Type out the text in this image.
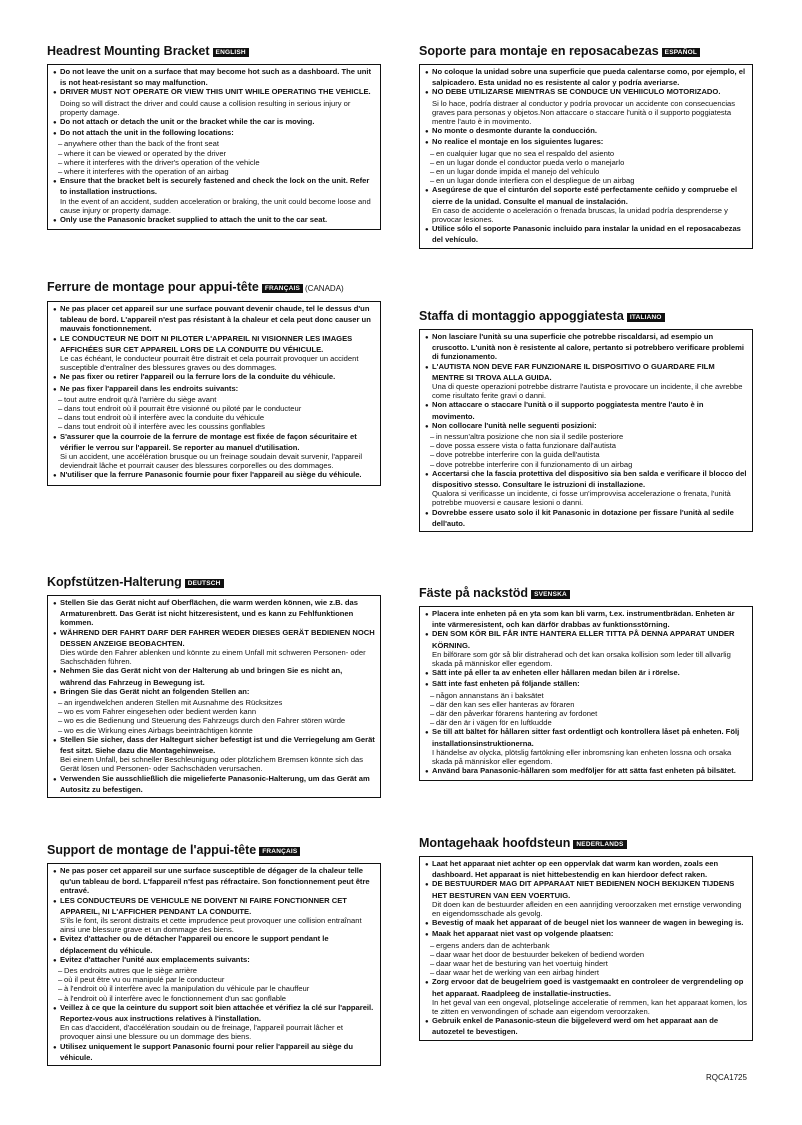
Headrest Mounting Bracket ENGLISH

● Do not leave the unit on a surface that may become hot such as a dashboard. The unit is not heat-resistant so may malfunction.

● DRIVER MUST NOT OPERATE OR VIEW THIS UNIT WHILE OPERATING THE VEHICLE.

Doing so will distract the driver and could cause a collision resulting in serious injury or property damage.

● Do not attach or detach the unit or the bracket while the car is moving.

● Do not attach the unit in the following locations:

– anywhere other than the back of the front seat

– where it can be viewed or operated by the driver

– where it interferes with the driver's operation of the vehicle

– where it interferes with the operation of an airbag

● Ensure that the bracket belt is securely fastened and check the lock on the unit. Refer to installation instructions.

In the event of an accident, sudden acceleration or braking, the unit could become loose and cause injury or property damage.

● Only use the Panasonic bracket supplied to attach the unit to the car seat.

Ferrure de montage pour appui-tête FRANÇAIS (CANADA)

● Ne pas placer cet appareil sur une surface pouvant devenir chaude, tel le dessus d'un tableau de bord. L'appareil n'est pas résistant à la chaleur et cela peut donc causer un mauvais fonctionnement.

● LE CONDUCTEUR NE DOIT NI PILOTER L'APPAREIL NI VISIONNER LES IMAGES AFFICHÉES SUR CET APPAREIL LORS DE LA CONDUITE DU VÉHICULE.

Le cas échéant, le conducteur pourrait être distrait et cela pourrait provoquer un accident susceptible d'entraîner des blessures graves ou des dommages.

● Ne pas fixer ou retirer l'appareil ou la ferrure lors de la conduite du véhicule.

● Ne pas fixer l'appareil dans les endroits suivants:

– tout autre endroit qu'à l'arrière du siège avant

– dans tout endroit où il pourrait être visionné ou piloté par le conducteur

– dans tout endroit où il interfère avec la conduite du véhicule

– dans tout endroit où il interfère avec les coussins gonflables

● S'assurer que la courroie de la ferrure de montage est fixée de façon sécuritaire et vérifier le verrou sur l'appareil. Se reporter au manuel d'utilisation.

Si un accident, une accélération brusque ou un freinage soudain devait survenir, l'appareil deviendrait lâche et pourrait causer des blessures corporelles ou des dommages.

● N'utiliser que la ferrure Panasonic fournie pour fixer l'appareil au siège du véhicule.

Kopfstützen-Halterung DEUTSCH

● Stellen Sie das Gerät nicht auf Oberflächen, die warm werden können, wie z.B. das Armaturenbrett. Das Gerät ist nicht hitzeresistent, und es kann zu Fehlfunktionen kommen.

● WÄHREND DER FAHRT DARF DER FAHRER WEDER DIESES GERÄT BEDIENEN NOCH DESSEN ANZEIGE BEOBACHTEN.

Dies würde den Fahrer ablenken und könnte zu einem Unfall mit schweren Personen- oder Sachschäden führen.

● Nehmen Sie das Gerät nicht von der Halterung ab und bringen Sie es nicht an, während das Fahrzeug in Bewegung ist.

● Bringen Sie das Gerät nicht an folgenden Stellen an:

– an irgendwelchen anderen Stellen mit Ausnahme des Rücksitzes

– wo es vom Fahrer eingesehen oder bedient werden kann

– wo es die Bedienung und Steuerung des Fahrzeugs durch den Fahrer stören würde

– wo es die Wirkung eines Airbags beeinträchtigen könnte

● Stellen Sie sicher, dass der Haltegurt sicher befestigt ist und die Verriegelung am Gerät fest sitzt. Siehe dazu die Montagehinweise.

Bei einem Unfall, bei schneller Beschleunigung oder plötzlichem Bremsen könnte sich das Gerät lösen und Personen- oder Sachschäden verursachen.

● Verwenden Sie ausschließlich die migelieferte Panasonic-Halterung, um das Gerät am Autositz zu befestigen.

Support de montage de l'appui-tête FRANÇAIS

● Ne pas poser cet appareil sur une surface susceptible de dégager de la chaleur telle qu'un tableau de bord. L'fappareil n'fest pas réfractaire. Son fonctionnement peut être entravé.

● LES CONDUCTEURS DE VEHICULE NE DOIVENT NI FAIRE FONCTIONNER CET APPAREIL, NI L'AFFICHER PENDANT LA CONDUITE.

S'ils le font, ils seront distraits et cette imprudence peut provoquer une collision entraînant ainsi une blessure grave et un dommage des biens.

● Evitez d'attacher ou de détacher l'appareil ou encore le support pendant le déplacement du véhicule.

● Evitez d'attacher l'unité aux emplacements suivants:

– Des endroits autres que le siège arrière

– où il peut être vu ou manipulé par le conducteur

– à l'endroit où il interfère avec la manipulation du véhicule par le chauffeur

– à l'endroit où il interfère avec le fonctionnement d'un sac gonflable

● Veillez à ce que la ceinture du support soit bien attachée et vérifiez la clé sur l'appareil. Reportez-vous aux instructions relatives à l'installation.

En cas d'accident, d'accélération soudain ou de freinage, l'appareil pourrait lâcher et provoquer ainsi une blessure ou un dommage des biens.

● Utilisez uniquement le support Panasonic fourni pour relier l'appareil au siège du véhicule.

Soporte para montaje en reposacabezas ESPAÑOL

● No coloque la unidad sobre una superficie que pueda calentarse como, por ejemplo, el salpicadero. Esta unidad no es resistente al calor y podría averiarse.

● NO DEBE UTILIZARSE MIENTRAS SE CONDUCE UN VEHIICULO MOTORIZADO.

Si lo hace, podría distraer al conductor y podría provocar un accidente con consecuencias graves para personas y objetos.Non attaccare o staccare l'unità o il supporto poggiatesta mentre l'auto è in movimento.

● No monte o desmonte durante la conducción.

● No realice el montaje en los siguientes lugares:

– en cualquier lugar que no sea el respaldo del asiento

– en un lugar donde el conductor pueda verlo o manejarlo

– en un lugar donde impida el manejo del vehículo

– en un lugar donde interfiera con el despliegue de un airbag

● Asegúrese de que el cinturón del soporte esté perfectamente ceñido y compruebe el cierre de la unidad. Consulte el manual de instalación.

En caso de accidente o aceleración o frenada bruscas, la unidad podría desprenderse y provocar lesiones.

● Utilice sólo el soporte Panasonic incluido para instalar la unidad en el reposacabezas del vehículo.

Staffa di montaggio appoggiatesta ITALIANO

● Non lasciare l'unità su una superficie che potrebbe riscaldarsi, ad esempio un cruscotto. L'unità non è resistente al calore, pertanto si potrebbero verificare problemi di funzionamento.

● L'AUTISTA NON DEVE FAR FUNZIONARE IL DISPOSITIVO O GUARDARE FILM MENTRE SI TROVA ALLA GUIDA.

Una di queste operazioni potrebbe distrarre l'autista e provocare un incidente, il che avrebbe come risultato ferite gravi o danni.

● Non attaccare o staccare l'unità o il supporto poggiatesta mentre l'auto è in movimento.

● Non collocare l'unità nelle seguenti posizioni:

– in nessun'altra posizione che non sia il sedile posteriore

– dove possa essere vista o fatta funzionare dall'autista

– dove potrebbe interferire con la guida dell'autista

– dove potrebbe interferire con il funzionamento di un airbag

● Accertarsi che la fascia protettiva del dispositivo sia ben salda e verificare il blocco del dispositivo stesso. Consultare le istruzioni di installazione.

Qualora si verificasse un incidente, ci fosse un'improvvisa accelerazione o frenata, l'unità potrebbe muoversi e causare lesioni o danni.

● Dovrebbe essere usato solo il kit Panasonic in dotazione per fissare l'unità al sedile dell'auto.

Fäste på nackstöd SVENSKA

● Placera inte enheten på en yta som kan bli varm, t.ex. instrumentbrädan. Enheten är inte värmeresistent, och kan därför drabbas av funktionsstörning.

● DEN SOM KÖR BIL FÅR INTE HANTERA ELLER TITTA PÅ DENNA APPARAT UNDER KÖRNING.

En bilförare som gör så blir distraherad och det kan orsaka kollision som leder till allvarlig skada på människor eller egendom.

● Sätt inte på eller ta av enheten eller hållaren medan bilen är i rörelse.

● Sätt inte fast enheten på följande ställen:

– någon annanstans än i baksätet

– där den kan ses eller hanteras av föraren

– där den påverkar förarens hantering av fordonet

– där den är i vägen för en luftkudde

● Se till att bältet för hållaren sitter fast ordentligt och kontrollera låset på enheten. Följ installationsinstruktionerna.

I händelse av olycka, plötslig fartökning eller inbromsning kan enheten lossna och orsaka skada på människor eller egendom.

● Använd bara Panasonic-hållaren som medföljer för att sätta fast enheten på bilsätet.

Montagehaak hoofdsteun NEDERLANDS

● Laat het apparaat niet achter op een oppervlak dat warm kan worden, zoals een dashboard. Het apparaat is niet hittebestendig en kan hierdoor defect raken.

● DE BESTUURDER MAG DIT APPARAAT NIET BEDIENEN NOCH BEKIJKEN TIJDENS HET BESTUREN VAN EEN VOERTUIG.

Dit doen kan de bestuurder afleiden en een aanrijding veroorzaken met ernstige verwonding en eigendomsschade als gevolg.

● Bevestig of maak het apparaat of de beugel niet los wanneer de wagen in beweging is.

● Maak het apparaat niet vast op volgende plaatsen:

– ergens anders dan de achterbank

– daar waar het door de bestuurder bekeken of bediend worden

– daar waar het de besturing van het voertuig hindert

– daar waar het de werking van een airbag hindert

● Zorg ervoor dat de beugelriem goed is vastgemaakt en controleer de vergrendeling op het apparaat. Raadpleeg de installatie-instructies.

In het geval van een ongeval, plotselinge acceleratie of remmen, kan het apparaat komen, los te zitten en verwondingen of schade aan eigendom veroorzaken.

● Gebruik enkel de Panasonic-steun die bijgeleverd werd om het apparaat aan de autozetel te bevestigen.

RQCA1725
